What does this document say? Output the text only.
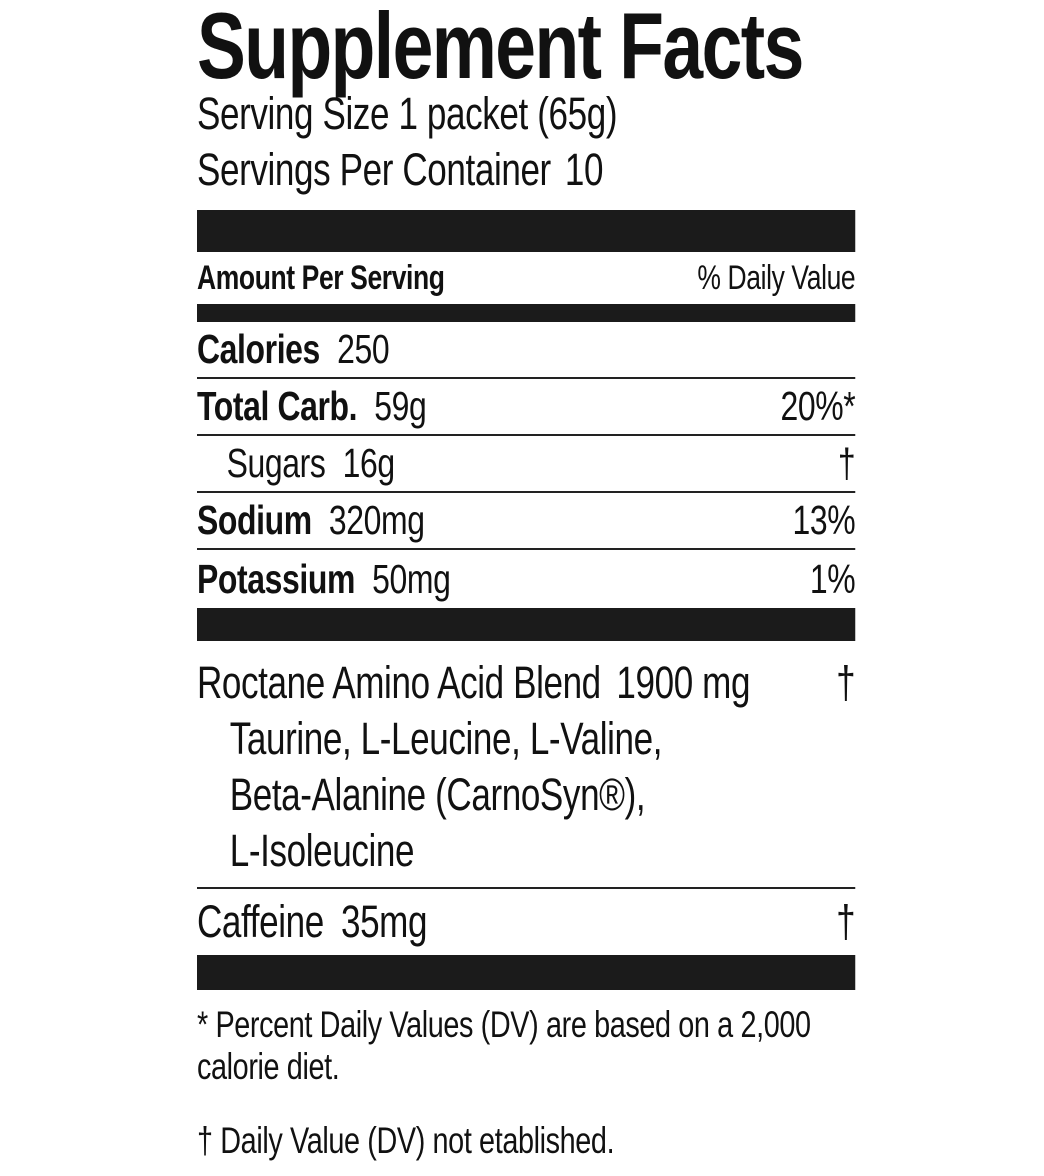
Supplement Facts
Serving Size 1 packet (65g)
Servings Per Container 10
Amount Per Serving	% Daily Value
Calories 250
Total Carb. 59g	20%*
Sugars 16g	†
Sodium 320mg	13%
Potassium 50mg	1%
Roctane Amino Acid Blend 1900 mg †
Taurine, L-Leucine, L-Valine,
Beta-Alanine (CarnoSyn®),
L-Isoleucine
Caffeine 35mg	†
* Percent Daily Values (DV) are based on a 2,000
calorie diet.
† Daily Value (DV) not etablished.
